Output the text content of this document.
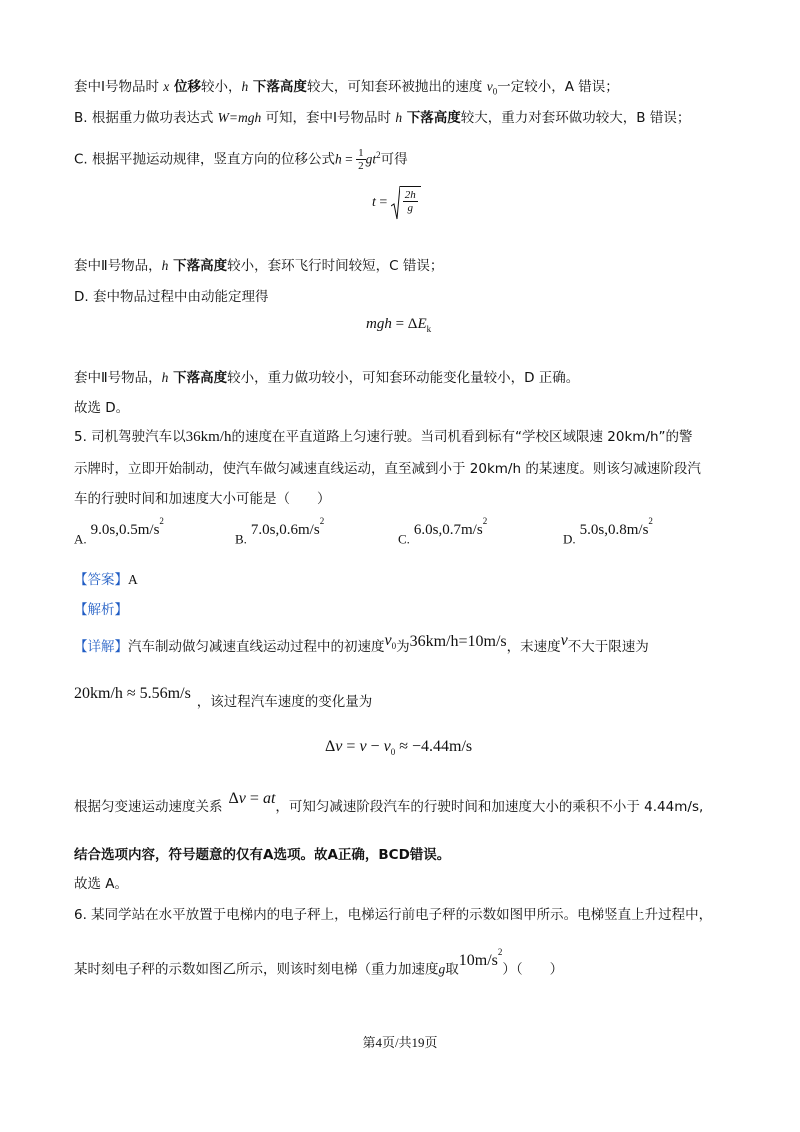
套中Ⅰ号物品时 x 位移较小，h 下落高度较大，可知套环被抛出的速度 $v_0$一定较小，A 错误；
B. 根据重力做功表达式 W=mgh 可知，套中Ⅰ号物品时 h 下落高度较大，重力对套环做功较大，B 错误；
C. 根据平抛运动规律，竖直方向的位移公式$h = \frac{1}{2} gt^2$可得
$t = \frac{2h}{g}$
套中Ⅱ号物品，h 下落高度较小，套环飞行时间较短，C 错误；
D. 套中物品过程中由动能定理得
mgh = $\Delta E_k$
套中Ⅱ号物品，h 下落高度较小，重力做功较小，可知套环动能变化量较小，D 正确。
故选 D。
5. 司机驾驶汽车以36km/h的速度在平直道路上匀速行驶。当司机看到标有“学校区域限速 20km/h”的警
示牌时，立即开始制动，使汽车做匀减速直线运动，直至减到小于 20km/h 的某速度。则该匀减速阶段汽
车的行驶时间和加速度大小可能是（　　）
$A.9.0s,0.5m/s^2$
$B.7.0s,0.6m/s^2$
$C.6.0s,0.7m/s^2$
$D.5.0s,0.8m/s^2$
【答案】A
【解析】
【详解】汽车制动做匀减速直线运动过程中的初速度$v_0$为36km/h=10m/s，末速度v不大于限速为
20km/h ≈ 5.56m/s ，该过程汽车速度的变化量为
$\Delta v = v - v_0 \approx -4.44m/s$
根据匀变速运动速度关系 Δv = at，可知匀减速阶段汽车的行驶时间和加速度大小的乘积不小于 4.44m/s,
结合选项内容，符号题意的仅有A选项。故A正确，BCD错误。
故选 A。
6. 某同学站在水平放置于电梯内的电子秤上，电梯运行前电子秤的示数如图甲所示。电梯竖直上升过程中，
某时刻电子秤的示数如图乙所示，则该时刻电梯（重力加速度g取$10m/s^2$）（　　）
第4页/共19页
